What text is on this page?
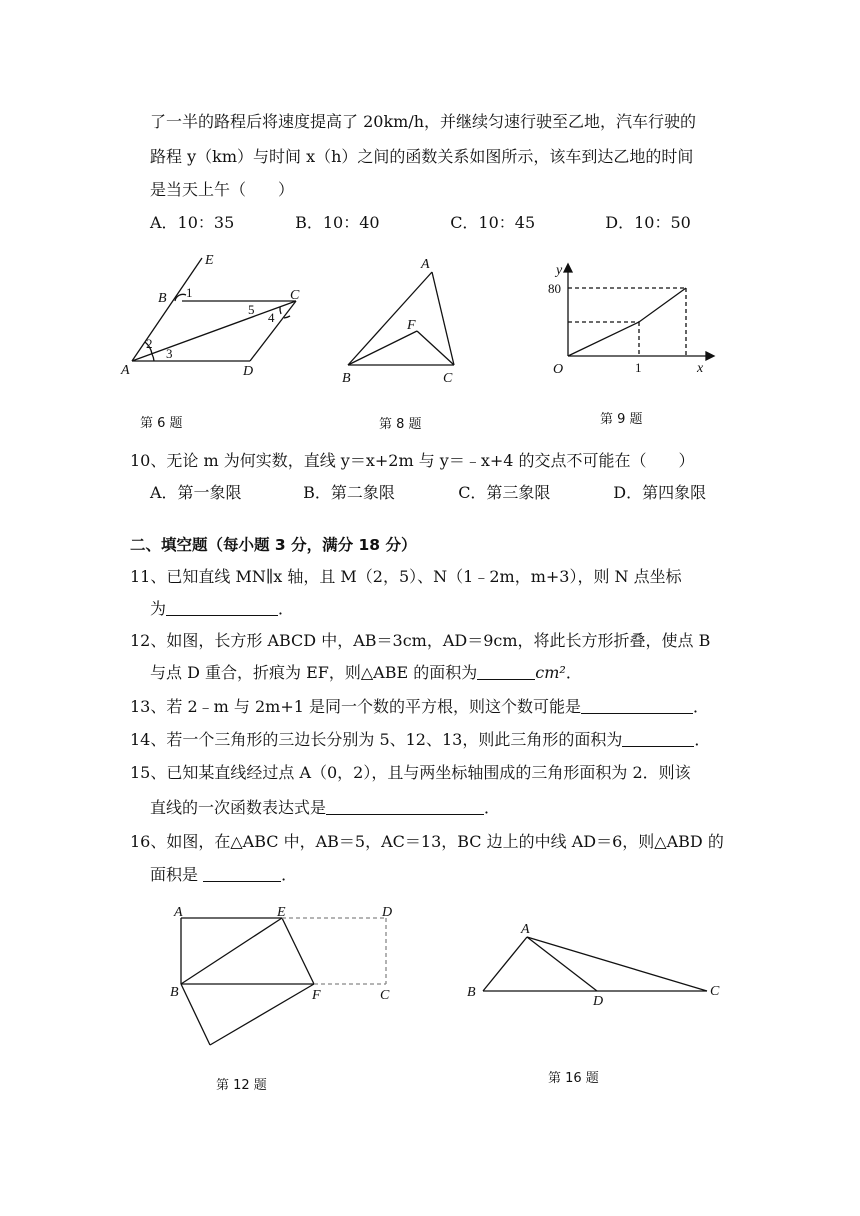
了一半的路程后将速度提高了 20km/h，并继续匀速行驶至乙地，汽车行驶的
路程 y（km）与时间 x（h）之间的函数关系如图所示，该车到达乙地的时间
是当天上午（　　）
A．10：35	B．10：40	C．10：45	D．10：50
E
B 1	C
5
4
2
3
A	D
A
F
B	C
y
80
O	1	x
A	E	D
B	F	C
A
B
D
C
第 6 题	第 8 题	第 9 题
10、无论 m 为何实数，直线 y＝x+2m 与 y＝﹣x+4 的交点不可能在（　　）
A．第一象限	B．第二象限	C．第三象限	D．第四象限
二、填空题（每小题 3 分，满分 18 分）
11、已知直线 MN∥x 轴，且 M（2，5）、N（1﹣2m，m+3），则 N 点坐标
为	．
12、如图，长方形 ABCD 中，AB＝3cm，AD＝9cm，将此长方形折叠，使点 B
与点 D 重合，折痕为 EF，则△ABE 的面积为	cm²．
13、若 2﹣m 与 2m+1 是同一个数的平方根，则这个数可能是	．
14、若一个三角形的三边长分别为 5、12、13，则此三角形的面积为	．
15、已知某直线经过点 A（0，2），且与两坐标轴围成的三角形面积为 2．则该
直线的一次函数表达式是	．
16、如图，在△ABC 中，AB＝5，AC＝13，BC 边上的中线 AD＝6，则△ABD 的
面积是	．
第 12 题	第 16 题
